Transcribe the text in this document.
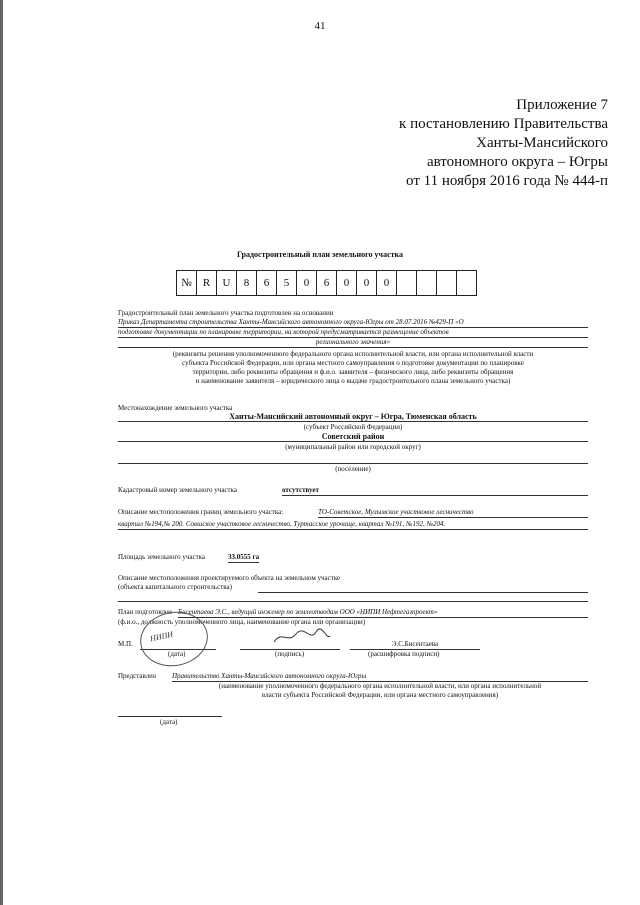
41
Приложение 7
к постановлению Правительства
Ханты-Мансийского
автономного округа – Югры
от 11 ноября 2016 года № 444-п
Градостроительный план земельного участка
№	R	U	8	6	5	0	6	0	0	0				
Градостроительный план земельного участка подготовлен на основании
Приказ Департамента строительства Ханты-Мансийского автономного округа-Югры от 28.07.2016 №429-П «О
подготовке документации по планировке территории, на которой предусматривается размещение объектов
регионального значения»
(реквизиты решения уполномоченного федерального органа исполнительной власти, или органа исполнительной власти
субъекта Российской Федерации, или органа местного самоуправления о подготовке документации по планировке
территории, либо реквизиты обращения и ф.и.о. заявителя – физического лица, либо реквизиты обращения
и наименование заявителя – юридического лица о выдаче градостроительного плана земельного участка)
Местонахождение земельного участка
Ханты-Мансийский автономный округ – Югра, Тюменская область
(субъект Российской Федерации)
Советский район
(муниципальный район или городской округ)
(поселение)
Кадастровый номер земельного участка	отсутствует
Описание местоположения границ земельного участка:	ТО-Советское, Мулымское участковое лесничество
квартал №194,№ 200. Совшское участковое лесничество, Туртасское урочище, квартал №191, №192, №204.
Площадь земельного участка	33.0555 га
Описание местоположения проектируемого объекта на земельном участке
(объекта капитального строительства)
План подготовлен Бисентаева Э.С., ведущий инженер по землеотводам ООО «НИПИ Нефтегазпроект»
(ф.и.о., должность уполномоченного лица, наименование органа или организации)
М.П.
(дата)	(подпись)
Э.С.Бисентаева
(расшифровка подписи)
НИПИ
Представлен Правительство Ханты-Мансийского автономного округа-Югры
(наименование уполномоченного федерального органа исполнительной власти, или органа исполнительной
власти субъекта Российской Федерации, или органа местного самоуправления)
(дата)
